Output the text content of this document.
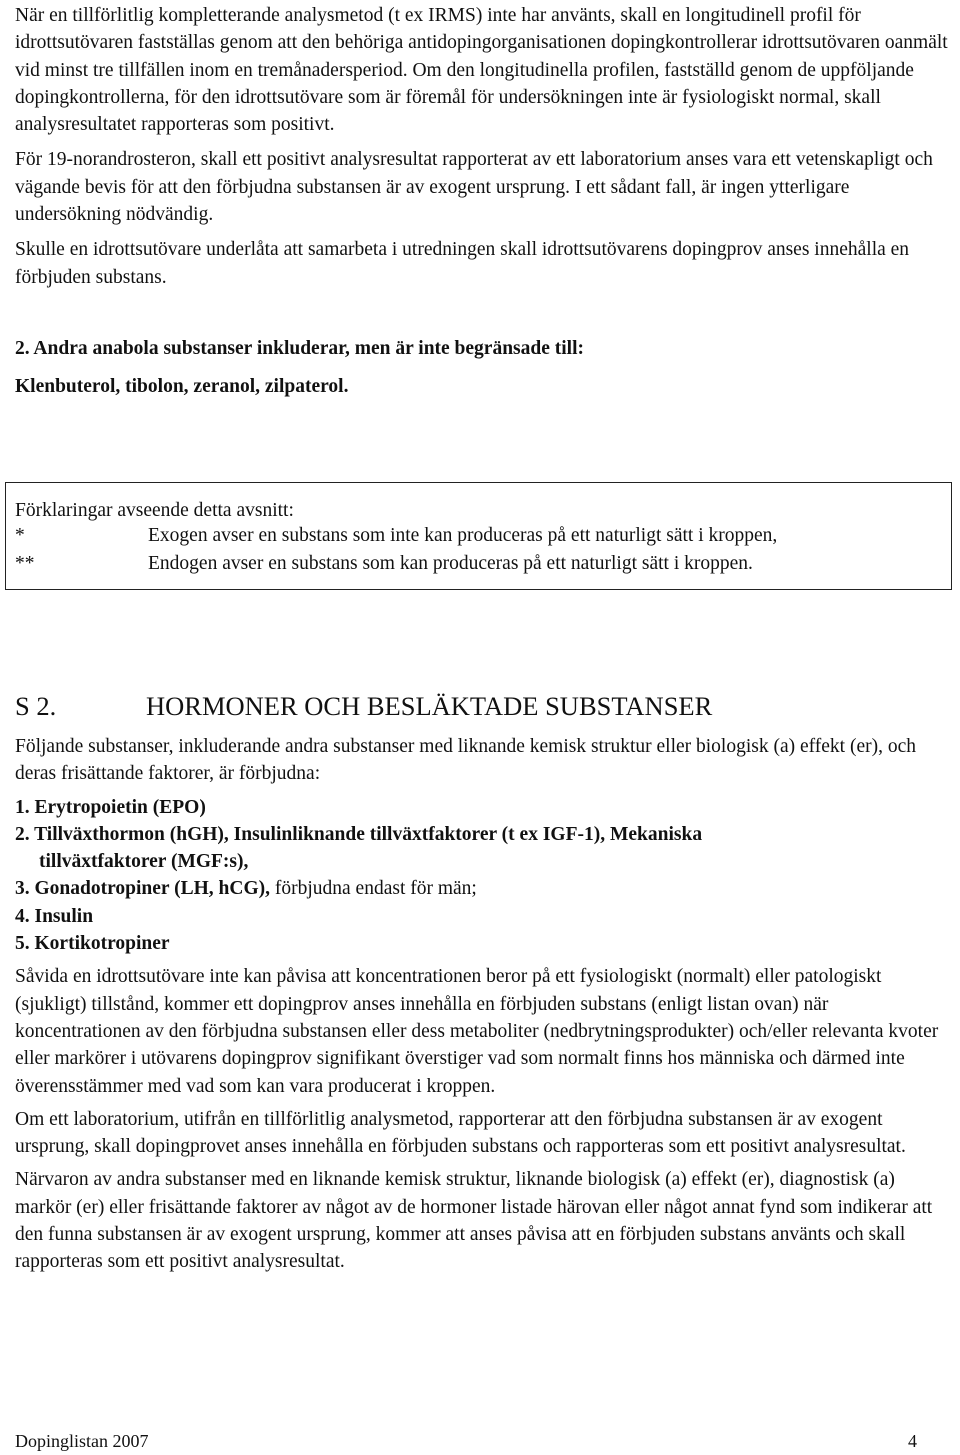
När en tillförlitlig kompletterande analysmetod (t ex IRMS) inte har använts, skall en longitudinell profil för idrottsutövaren fastställas genom att den behöriga antidopingorganisationen dopingkontrollerar idrottsutövaren oanmält vid minst tre tillfällen inom en tremånadersperiod. Om den longitudinella profilen, fastställd genom de uppföljande dopingkontrollerna, för den idrottsutövare som är föremål för undersökningen inte är fysiologiskt normal, skall analysresultatet rapporteras som positivt.

För 19-norandrosteron, skall ett positivt analysresultat rapporterat av ett laboratorium anses vara ett vetenskapligt och vägande bevis för att den förbjudna substansen är av exogent ursprung. I ett sådant fall, är ingen ytterligare undersökning nödvändig.

Skulle en idrottsutövare underlåta att samarbeta i utredningen skall idrottsutövarens dopingprov anses innehålla en förbjuden substans.

2. Andra anabola substanser inkluderar, men är inte begränsade till:

Klenbuterol, tibolon, zeranol, zilpaterol.

Förklaringar avseende detta avsnitt:

*	Exogen avser en substans som inte kan produceras på ett naturligt sätt i kroppen,
**	Endogen avser en substans som kan produceras på ett naturligt sätt i kroppen.
S 2.	HORMONER OCH BESLÄKTADE SUBSTANSER

Följande substanser, inkluderande andra substanser med liknande kemisk struktur eller biologisk (a) effekt (er), och deras frisättande faktorer, är förbjudna:

1. Erytropoietin (EPO)
2. Tillväxthormon (hGH), Insulinliknande tillväxtfaktorer (t ex IGF-1), Mekaniska
tillväxtfaktorer (MGF:s),
3. Gonadotropiner (LH, hCG), förbjudna endast för män;
4. Insulin
5. Kortikotropiner

Såvida en idrottsutövare inte kan påvisa att koncentrationen beror på ett fysiologiskt (normalt) eller patologiskt (sjukligt) tillstånd, kommer ett dopingprov anses innehålla en förbjuden substans (enligt listan ovan) när koncentrationen av den förbjudna substansen eller dess metaboliter (nedbrytningsprodukter) och/eller relevanta kvoter eller markörer i utövarens dopingprov signifikant överstiger vad som normalt finns hos människa och därmed inte överensstämmer med vad som kan vara producerat i kroppen.

Om ett laboratorium, utifrån en tillförlitlig analysmetod, rapporterar att den förbjudna substansen är av exogent ursprung, skall dopingprovet anses innehålla en förbjuden substans och rapporteras som ett positivt analysresultat.

Närvaron av andra substanser med en liknande kemisk struktur, liknande biologisk (a) effekt (er), diagnostisk (a) markör (er) eller frisättande faktorer av något av de hormoner listade härovan eller något annat fynd som indikerar att den funna substansen är av exogent ursprung, kommer att anses påvisa att en förbjuden substans använts och skall rapporteras som ett positivt analysresultat.

Dopinglistan 2007	4
